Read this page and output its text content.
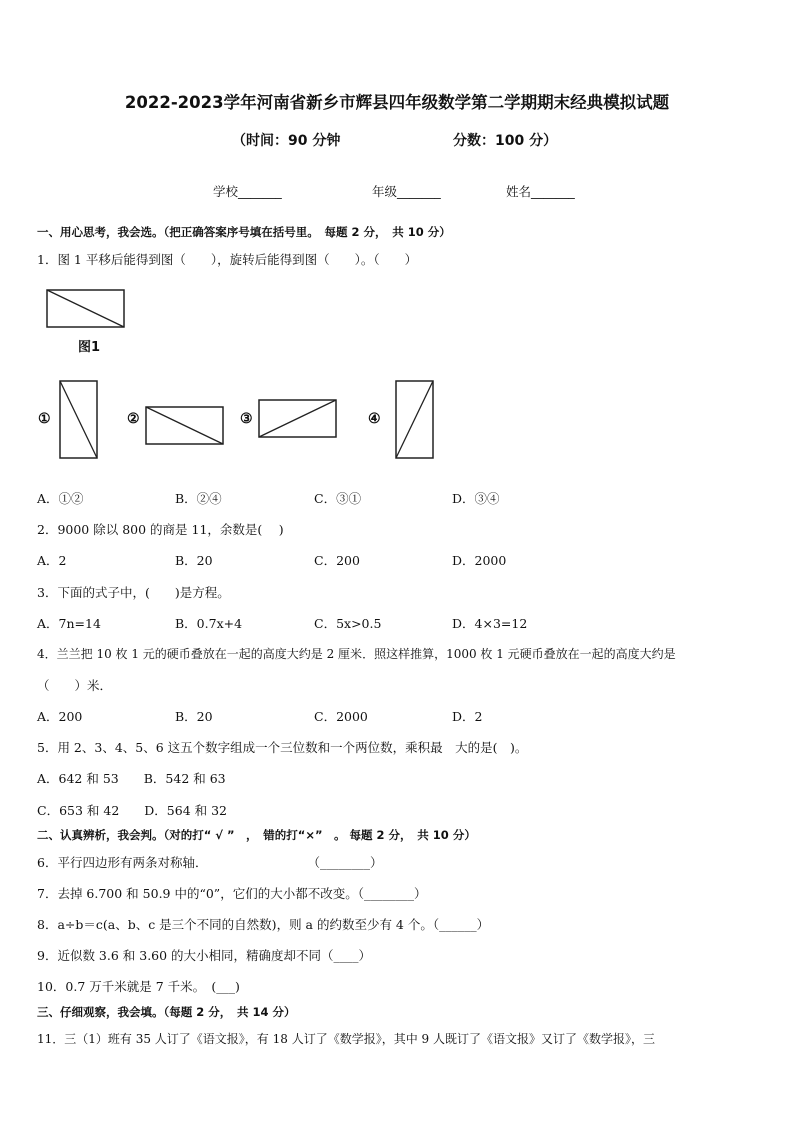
2022-2023学年河南省新乡市辉县四年级数学第二学期期末经典模拟试题
（时间：90 分钟	分数：100 分）
学校_______	年级_______	姓名_______
一、用心思考，我会选。（把正确答案序号填在括号里。　每题 2 分，　共 10 分）
1．图 1 平移后能得到图（　　），旋转后能得到图（　　）。（　　）
图1
①	②	③	④
A．①②	B．②④	C．③①	D．③④
2．9000 除以 800 的商是 11，余数是(　 )
A．2	B．20	C．200	D．2000
3．下面的式子中，(　　)是方程。
A．7n=14	B．0.7x+4	C．5x>0.5	D．4×3=12
4．兰兰把 10 枚 1 元的硬币叠放在一起的高度大约是 2 厘米．照这样推算，1000 枚 1 元硬币叠放在一起的高度大约是
（　　）米．
A．200	B．20	C．2000	D．2
5．用 2、3、4、5、6 这五个数字组成一个三位数和一个两位数，乘积最　大的是(　)。
A．642 和 53　　B．542 和 63
C．653 和 42　　D．564 和 32
二、认真辨析，我会判。（对的打“ √ ”　，　错的打“×”　。 每题 2 分，　共 10 分）
6．平行四边形有两条对称轴．　　　　　　　　　（________）
7．去掉 6.700 和 50.9 中的“0”，它们的大小都不改变。（________）
8．a÷b＝c(a、b、c 是三个不同的自然数)，则 a 的约数至少有 4 个。（______）
9．近似数 3.6 和 3.60 的大小相同，精确度却不同（____）
10．0.7 万千米就是 7 千米。　(___)
三、仔细观察，我会填。（每题 2 分，　共 14 分）
11．三（1）班有 35 人订了《语文报》，有 18 人订了《数学报》，其中 9 人既订了《语文报》又订了《数学报》，三
